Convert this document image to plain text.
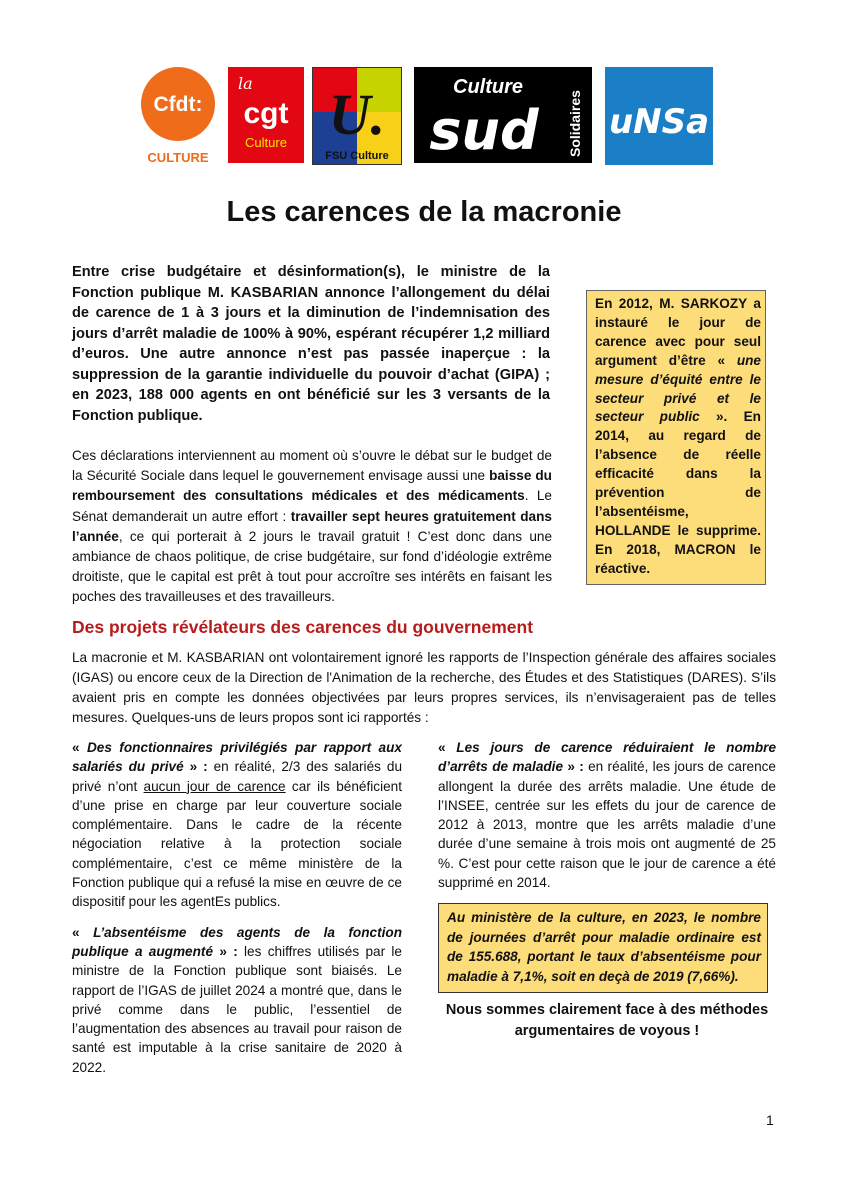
Cfdt:
CULTURE
la
cgt
Culture U.
FSU Culture
Culture
sud Solidaires uNSa
Les carences de la macronie

Entre crise budgétaire et désinformation(s), le ministre de la Fonction publique M. KASBARIAN annonce l’allongement du délai de carence de 1 à 3 jours et la diminution de l’indemnisation des jours d’arrêt maladie de 100% à 90%, espérant récupérer 1,2 milliard d’euros. Une autre annonce n’est pas passée inaperçue : la suppression de la garantie individuelle du pouvoir d’achat (GIPA) ; en 2023, 188 000 agents en ont bénéficié sur les 3 versants de la Fonction publique.

Ces déclarations interviennent au moment où s’ouvre le débat sur le budget de la Sécurité Sociale dans lequel le gouvernement envisage aussi une baisse du remboursement des consultations médicales et des médicaments. Le Sénat demanderait un autre effort : travailler sept heures gratuitement dans l’année, ce qui porterait à 2 jours le travail gratuit ! C’est donc dans une ambiance de chaos politique, de crise budgétaire, sur fond d’idéologie extrême droitiste, que le capital est prêt à tout pour accroître ses intérêts en faisant les poches des travailleuses et des travailleurs.

En 2012, M. SARKOZY a instauré le jour de carence avec pour seul argument d’être « une mesure d’équité entre le secteur privé et le secteur public ». En 2014, au regard de l’absence de réelle efficacité dans la prévention de l’absentéisme, HOLLANDE le supprime. En 2018, MACRON le réactive.
Des projets révélateurs des carences du gouvernement

La macronie et M. KASBARIAN ont volontairement ignoré les rapports de l’Inspection générale des affaires sociales (IGAS) ou encore ceux de la Direction de l'Animation de la recherche, des Études et des Statistiques (DARES). S’ils avaient pris en compte les données objectivées par leurs propres services, ils n’envisageraient pas de telles mesures. Quelques-uns de leurs propos sont ici rapportés :

« Des fonctionnaires privilégiés par rapport aux salariés du privé » : en réalité, 2/3 des salariés du privé n’ont aucun jour de carence car ils bénéficient d’une prise en charge par leur couverture sociale complémentaire. Dans le cadre de la récente négociation relative à la protection sociale complémentaire, c’est ce même ministère de la Fonction publique qui a refusé la mise en œuvre de ce dispositif pour les agentEs publics.

« L’absentéisme des agents de la fonction publique a augmenté » : les chiffres utilisés par le ministre de la Fonction publique sont biaisés. Le rapport de l’IGAS de juillet 2024 a montré que, dans le privé comme dans le public, l’essentiel de l’augmentation des absences au travail pour raison de santé est imputable à la crise sanitaire de 2020 à 2022.

« Les jours de carence réduiraient le nombre d’arrêts de maladie » : en réalité, les jours de carence allongent la durée des arrêts maladie. Une étude de l’INSEE, centrée sur les effets du jour de carence de 2012 à 2013, montre que les arrêts maladie d’une durée d’une semaine à trois mois ont augmenté de 25 %. C’est pour cette raison que le jour de carence a été supprimé en 2014.

Au ministère de la culture, en 2023, le nombre de journées d’arrêt pour maladie ordinaire est de 155.688, portant le taux d’absentéisme pour maladie à 7,1%, soit en deçà de 2019 (7,66%).
Nous sommes clairement face à des méthodes argumentaires de voyous !
1
